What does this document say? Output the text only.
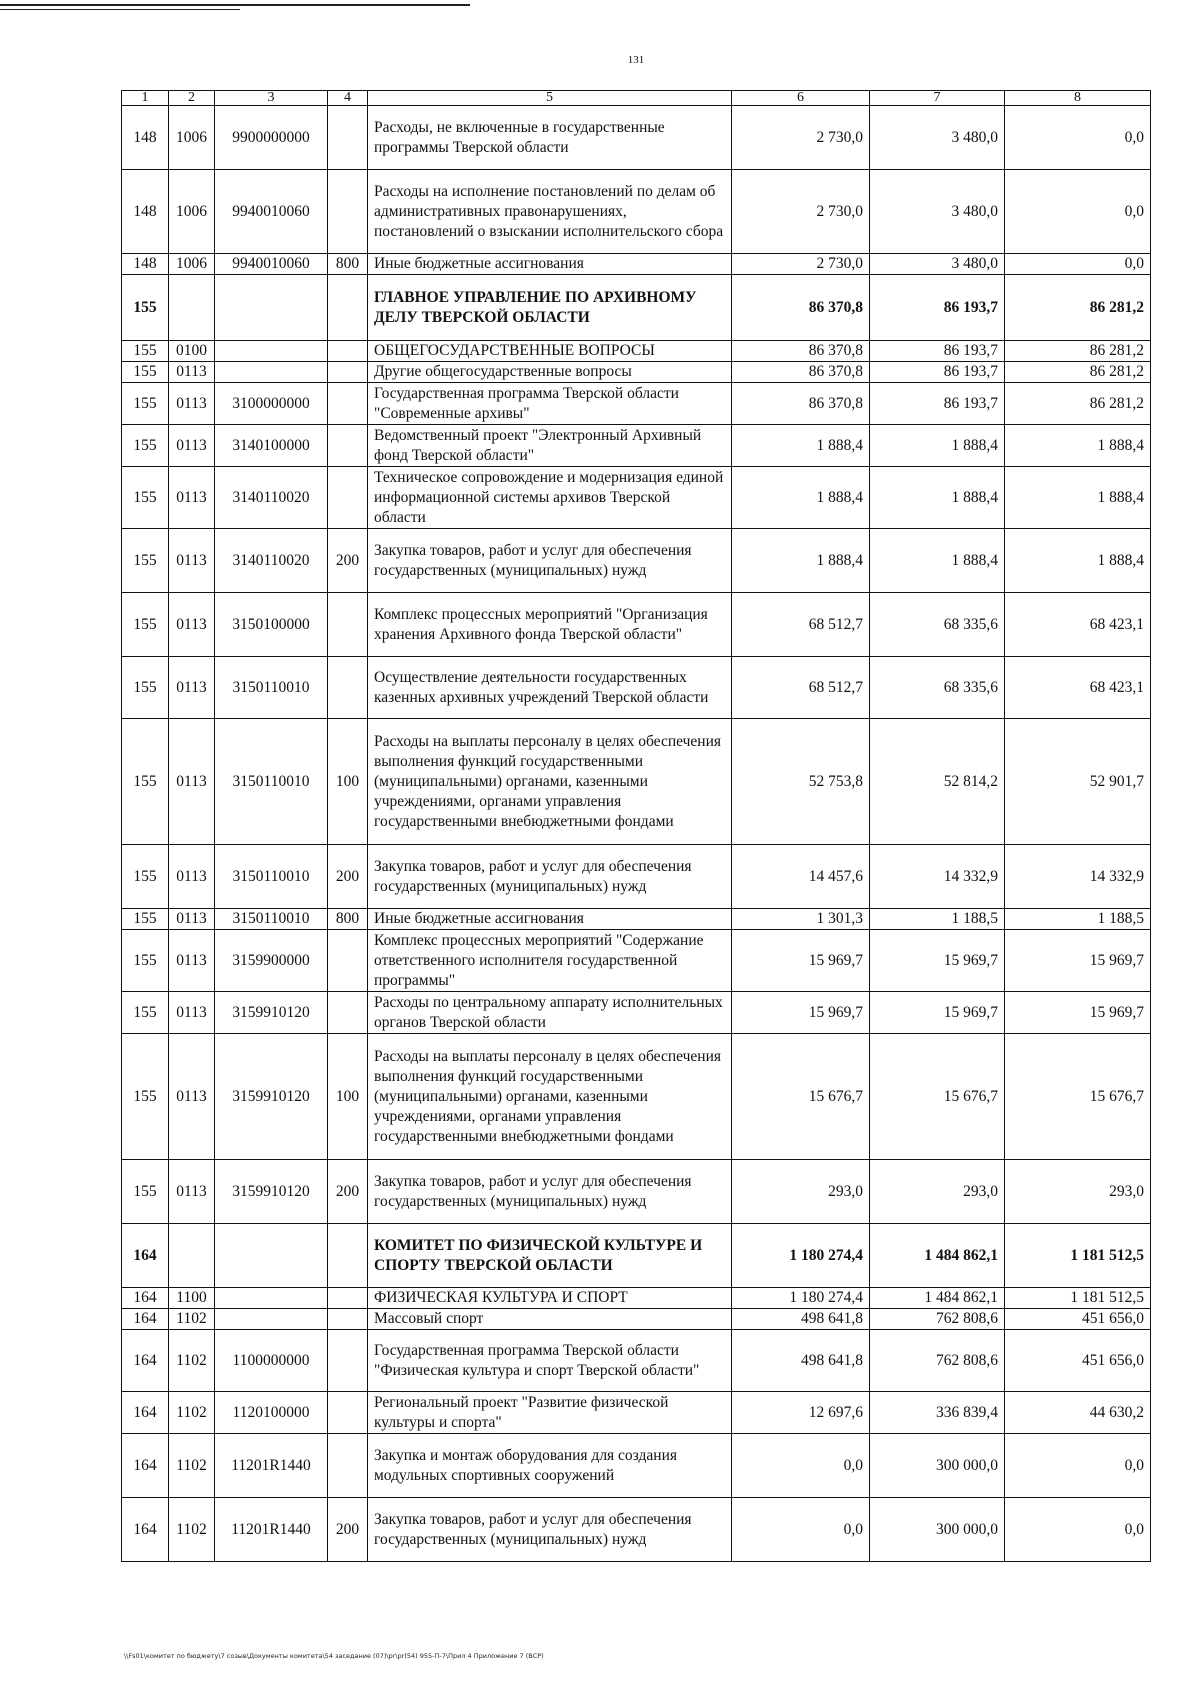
131
1	2	3	4	5	6	7	8
148	1006	9900000000		Расходы, не включенные в государственные программы Тверской области	2 730,0	3 480,0	0,0
148	1006	9940010060		Расходы на исполнение постановлений по делам об административных правонарушениях, постановлений о взыскании исполнительского сбора	2 730,0	3 480,0	0,0
148	1006	9940010060	800	Иные бюджетные ассигнования	2 730,0	3 480,0	0,0
155				ГЛАВНОЕ УПРАВЛЕНИЕ ПО АРХИВНОМУ ДЕЛУ ТВЕРСКОЙ ОБЛАСТИ	86 370,8	86 193,7	86 281,2
155	0100			ОБЩЕГОСУДАРСТВЕННЫЕ ВОПРОСЫ	86 370,8	86 193,7	86 281,2
155	0113			Другие общегосударственные вопросы	86 370,8	86 193,7	86 281,2
155	0113	3100000000		Государственная программа Тверской области "Современные архивы"	86 370,8	86 193,7	86 281,2
155	0113	3140100000		Ведомственный проект "Электронный Архивный фонд Тверской области"	1 888,4	1 888,4	1 888,4
155	0113	3140110020		Техническое сопровождение и модернизация единой информационной системы архивов Тверской области	1 888,4	1 888,4	1 888,4
155	0113	3140110020	200	Закупка товаров, работ и услуг для обеспечения государственных (муниципальных) нужд	1 888,4	1 888,4	1 888,4
155	0113	3150100000		Комплекс процессных мероприятий "Организация хранения Архивного фонда Тверской области"	68 512,7	68 335,6	68 423,1
155	0113	3150110010		Осуществление деятельности государственных казенных архивных учреждений Тверской области	68 512,7	68 335,6	68 423,1
155	0113	3150110010	100	Расходы на выплаты персоналу в целях обеспечения выполнения функций государственными (муниципальными) органами, казенными учреждениями, органами управления государственными внебюджетными фондами	52 753,8	52 814,2	52 901,7
155	0113	3150110010	200	Закупка товаров, работ и услуг для обеспечения государственных (муниципальных) нужд	14 457,6	14 332,9	14 332,9
155	0113	3150110010	800	Иные бюджетные ассигнования	1 301,3	1 188,5	1 188,5
155	0113	3159900000		Комплекс процессных мероприятий "Содержание ответственного исполнителя государственной программы"	15 969,7	15 969,7	15 969,7
155	0113	3159910120		Расходы по центральному аппарату исполнительных органов Тверской области	15 969,7	15 969,7	15 969,7
155	0113	3159910120	100	Расходы на выплаты персоналу в целях обеспечения выполнения функций государственными (муниципальными) органами, казенными учреждениями, органами управления государственными внебюджетными фондами	15 676,7	15 676,7	15 676,7
155	0113	3159910120	200	Закупка товаров, работ и услуг для обеспечения государственных (муниципальных) нужд	293,0	293,0	293,0
164				КОМИТЕТ ПО ФИЗИЧЕСКОЙ КУЛЬТУРЕ И СПОРТУ ТВЕРСКОЙ ОБЛАСТИ	1 180 274,4	1 484 862,1	1 181 512,5
164	1100			ФИЗИЧЕСКАЯ КУЛЬТУРА И СПОРТ	1 180 274,4	1 484 862,1	1 181 512,5
164	1102			Массовый спорт	498 641,8	762 808,6	451 656,0
164	1102	1100000000		Государственная программа Тверской области "Физическая культура и спорт Тверской области"	498 641,8	762 808,6	451 656,0
164	1102	1120100000		Региональный проект "Развитие физической культуры и спорта"	12 697,6	336 839,4	44 630,2
164	1102	11201R1440		Закупка и монтаж оборудования для создания модульных спортивных сооружений	0,0	300 000,0	0,0
164	1102	11201R1440	200	Закупка товаров, работ и услуг для обеспечения государственных (муниципальных) нужд	0,0	300 000,0	0,0
\\Fs01\комитет по бюджету\7 созыв\Документы комитета\54 заседание (07)\pr\pr(54) 955-П-7\Прил 4 Приложение 7 (ВСР)
